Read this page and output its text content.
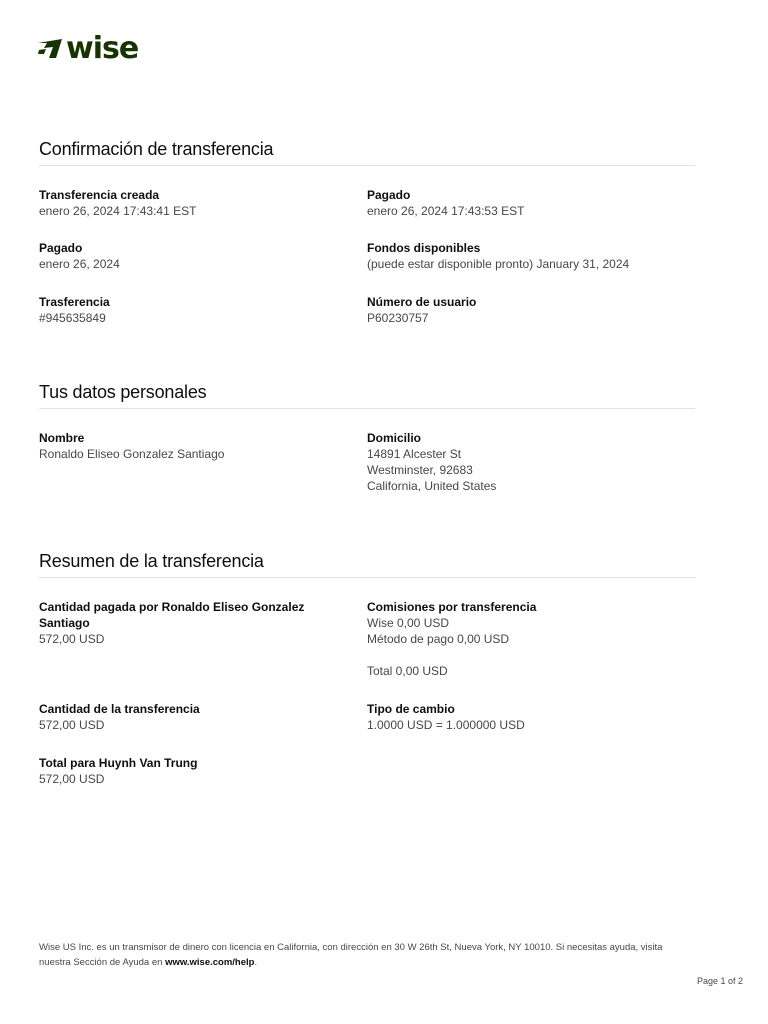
wise
Confirmación de transferencia
Transferencia creada
enero 26, 2024 17:43:41 EST
Pagado
enero 26, 2024 17:43:53 EST
Pagado
enero 26, 2024
Fondos disponibles
(puede estar disponible pronto) January 31, 2024
Trasferencia
#945635849
Número de usuario
P60230757
Tus datos personales
Nombre
Ronaldo Eliseo Gonzalez Santiago
Domicilio
14891 Alcester St
Westminster, 92683
California, United States
Resumen de la transferencia
Cantidad pagada por Ronaldo Eliseo Gonzalez Santiago
572,00 USD
Comisiones por transferencia
Wise 0,00 USD
Método de pago 0,00 USD
Total 0,00 USD
Cantidad de la transferencia
572,00 USD
Tipo de cambio
1.0000 USD = 1.000000 USD
Total para Huynh Van Trung
572,00 USD
Wise US Inc. es un transmisor de dinero con licencia en California, con dirección en 30 W 26th St, Nueva York, NY 10010. Si necesitas ayuda, visita nuestra Sección de Ayuda en www.wise.com/help.
Page 1 of 2
